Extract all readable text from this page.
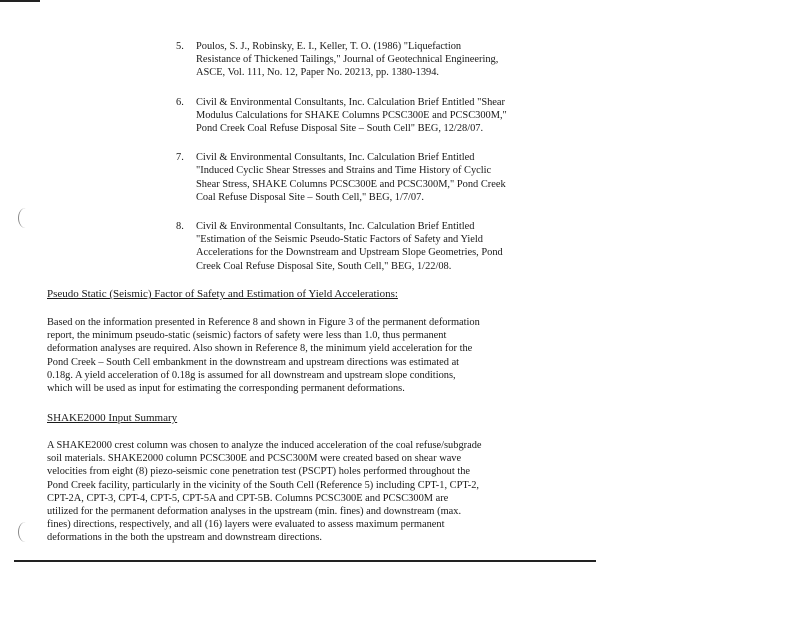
5. Poulos, S. J., Robinsky, E. I., Keller, T. O. (1986) "Liquefaction
Resistance of Thickened Tailings," Journal of Geotechnical Engineering,
ASCE, Vol. 111, No. 12, Paper No. 20213, pp. 1380-1394.
6. Civil & Environmental Consultants, Inc. Calculation Brief Entitled "Shear
Modulus Calculations for SHAKE Columns PCSC300E and PCSC300M,"
Pond Creek Coal Refuse Disposal Site – South Cell" BEG, 12/28/07.
7. Civil & Environmental Consultants, Inc. Calculation Brief Entitled
"Induced Cyclic Shear Stresses and Strains and Time History of Cyclic
Shear Stress, SHAKE Columns PCSC300E and PCSC300M," Pond Creek
Coal Refuse Disposal Site – South Cell," BEG, 1/7/07.
8. Civil & Environmental Consultants, Inc. Calculation Brief Entitled
"Estimation of the Seismic Pseudo-Static Factors of Safety and Yield
Accelerations for the Downstream and Upstream Slope Geometries, Pond
Creek Coal Refuse Disposal Site, South Cell," BEG, 1/22/08.
Pseudo Static (Seismic) Factor of Safety and Estimation of Yield Accelerations:
Based on the information presented in Reference 8 and shown in Figure 3 of the permanent deformation
report, the minimum pseudo-static (seismic) factors of safety were less than 1.0, thus permanent
deformation analyses are required. Also shown in Reference 8, the minimum yield acceleration for the
Pond Creek – South Cell embankment in the downstream and upstream directions was estimated at
0.18g. A yield acceleration of 0.18g is assumed for all downstream and upstream slope conditions,
which will be used as input for estimating the corresponding permanent deformations.
SHAKE2000 Input Summary
A SHAKE2000 crest column was chosen to analyze the induced acceleration of the coal refuse/subgrade
soil materials. SHAKE2000 column PCSC300E and PCSC300M were created based on shear wave
velocities from eight (8) piezo-seismic cone penetration test (PSCPT) holes performed throughout the
Pond Creek facility, particularly in the vicinity of the South Cell (Reference 5) including CPT-1, CPT-2,
CPT-2A, CPT-3, CPT-4, CPT-5, CPT-5A and CPT-5B. Columns PCSC300E and PCSC300M are
utilized for the permanent deformation analyses in the upstream (min. fines) and downstream (max.
fines) directions, respectively, and all (16) layers were evaluated to assess maximum permanent
deformations in the both the upstream and downstream directions.
